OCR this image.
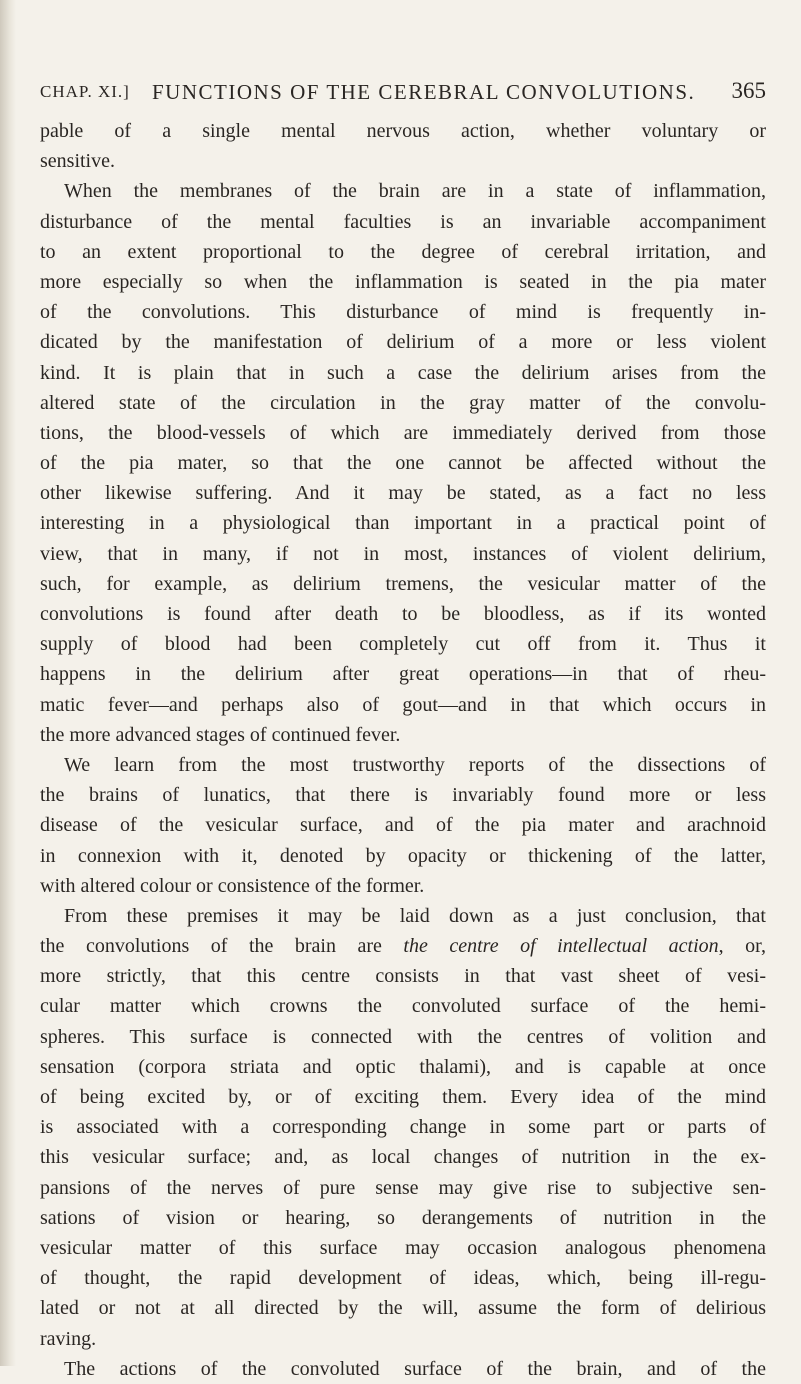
CHAP. XI.] FUNCTIONS OF THE CEREBRAL CONVOLUTIONS. 365
pable of a single mental nervous action, whether voluntary or
sensitive.
When the membranes of the brain are in a state of inflammation,
disturbance of the mental faculties is an invariable accompaniment
to an extent proportional to the degree of cerebral irritation, and
more especially so when the inflammation is seated in the pia mater
of the convolutions. This disturbance of mind is frequently in-
dicated by the manifestation of delirium of a more or less violent
kind. It is plain that in such a case the delirium arises from the
altered state of the circulation in the gray matter of the convolu-
tions, the blood-vessels of which are immediately derived from those
of the pia mater, so that the one cannot be affected without the
other likewise suffering. And it may be stated, as a fact no less
interesting in a physiological than important in a practical point of
view, that in many, if not in most, instances of violent delirium,
such, for example, as delirium tremens, the vesicular matter of the
convolutions is found after death to be bloodless, as if its wonted
supply of blood had been completely cut off from it. Thus it
happens in the delirium after great operations—in that of rheu-
matic fever—and perhaps also of gout—and in that which occurs in
the more advanced stages of continued fever.
We learn from the most trustworthy reports of the dissections of
the brains of lunatics, that there is invariably found more or less
disease of the vesicular surface, and of the pia mater and arachnoid
in connexion with it, denoted by opacity or thickening of the latter,
with altered colour or consistence of the former.
From these premises it may be laid down as a just conclusion, that
the convolutions of the brain are the centre of intellectual action, or,
more strictly, that this centre consists in that vast sheet of vesi-
cular matter which crowns the convoluted surface of the hemi-
spheres. This surface is connected with the centres of volition and
sensation (corpora striata and optic thalami), and is capable at once
of being excited by, or of exciting them. Every idea of the mind
is associated with a corresponding change in some part or parts of
this vesicular surface; and, as local changes of nutrition in the ex-
pansions of the nerves of pure sense may give rise to subjective sen-
sations of vision or hearing, so derangements of nutrition in the
vesicular matter of this surface may occasion analogous phenomena
of thought, the rapid development of ideas, which, being ill-regu-
lated or not at all directed by the will, assume the form of delirious
raving.
The actions of the convoluted surface of the brain, and of the
